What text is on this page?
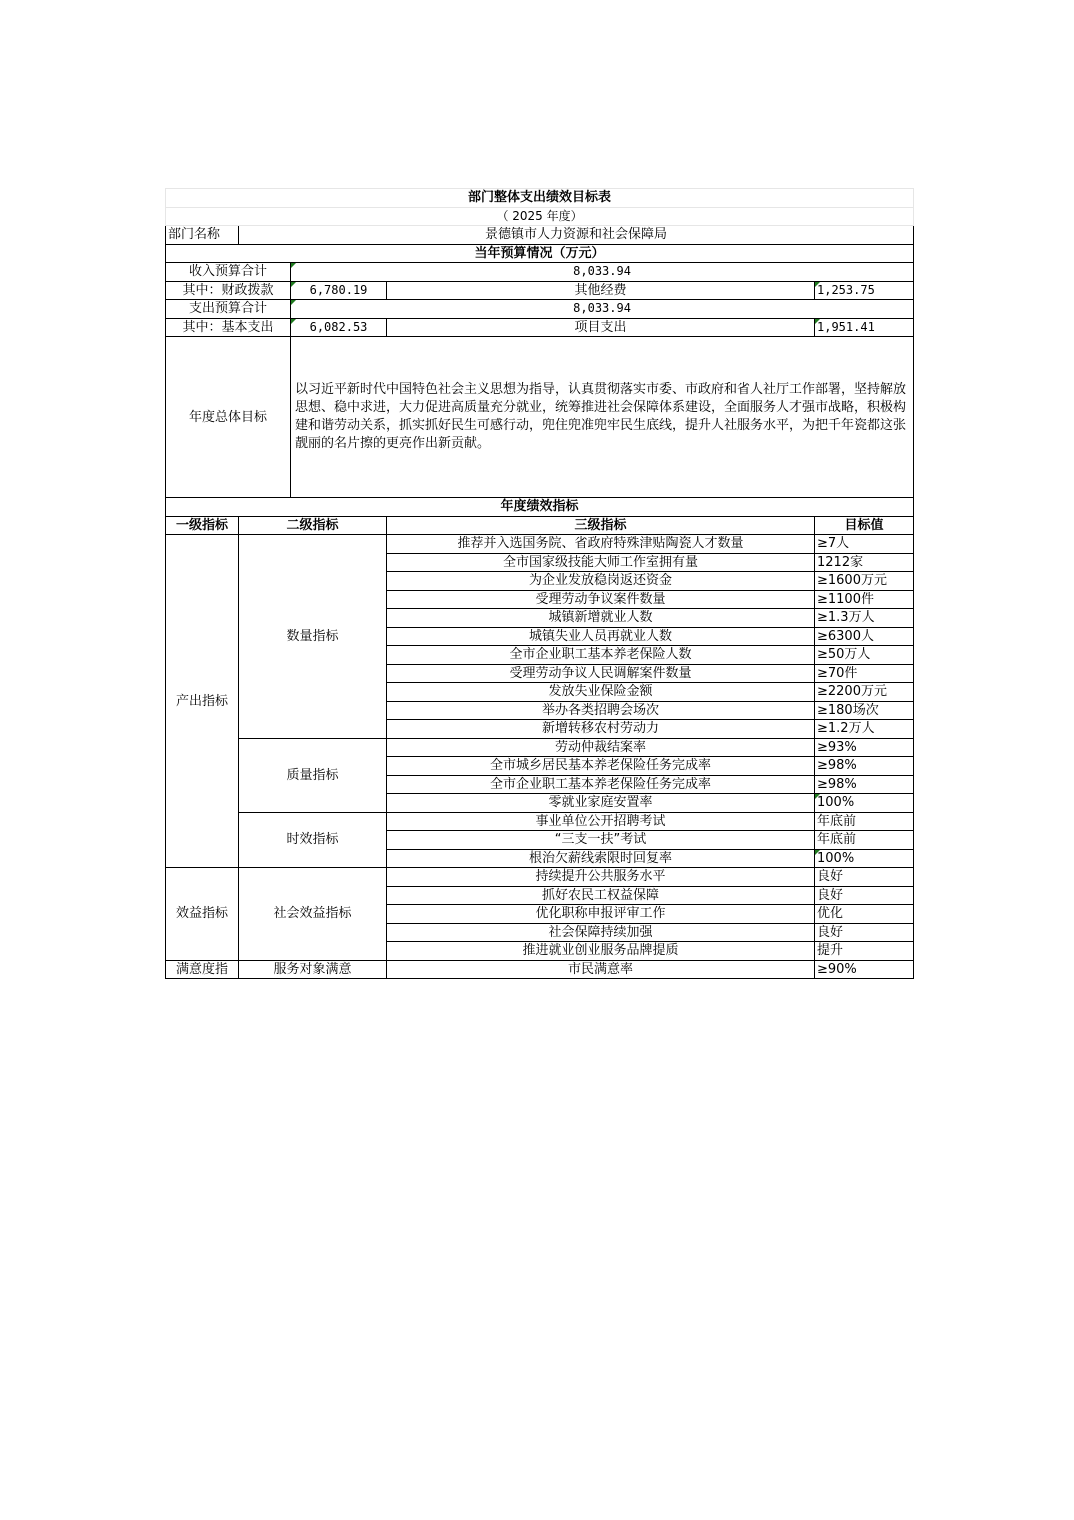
部门整体支出绩效目标表				
（ 2025 年度）				
部门名称	景德镇市人力资源和社会保障局			
当年预算情况（万元）				
收入预算合计		8,033.94		
其中：财政拨款		6,780.19	其他经费	1,253.75
支出预算合计		8,033.94		
其中：基本支出		6,082.53	项目支出	1,951.41
年度总体目标		以习近平新时代中国特色社会主义思想为指导，认真贯彻落实市委、市政府和省人社厅工作部署，坚持解放思想、稳中求进，大力促进高质量充分就业，统筹推进社会保障体系建设，全面服务人才强市战略，积极构建和谐劳动关系，抓实抓好民生可感行动，兜住兜准兜牢民生底线，提升人社服务水平，为把千年瓷都这张靓丽的名片擦的更亮作出新贡献。		
年度绩效指标				
一级指标	二级指标		三级指标	目标值
产出指标	数量指标		推荐并入选国务院、省政府特殊津贴陶瓷人才数量	≥7人
			全市国家级技能大师工作室拥有量	1212家
			为企业发放稳岗返还资金	≥1600万元
			受理劳动争议案件数量	≥1100件
			城镇新增就业人数	≥1.3万人
			城镇失业人员再就业人数	≥6300人
			全市企业职工基本养老保险人数	≥50万人
			受理劳动争议人民调解案件数量	≥70件
			发放失业保险金额	≥2200万元
			举办各类招聘会场次	≥180场次
			新增转移农村劳动力	≥1.2万人
	质量指标		劳动仲裁结案率	≥93%
			全市城乡居民基本养老保险任务完成率	≥98%
			全市企业职工基本养老保险任务完成率	≥98%
			零就业家庭安置率	100%
	时效指标		事业单位公开招聘考试	年底前
			“三支一扶”考试	年底前
			根治欠薪线索限时回复率	100%
效益指标	社会效益指标		持续提升公共服务水平	良好
			抓好农民工权益保障	良好
			优化职称申报评审工作	优化
			社会保障持续加强	良好
			推进就业创业服务品牌提质	提升
满意度指	服务对象满意		市民满意率	≥90%
